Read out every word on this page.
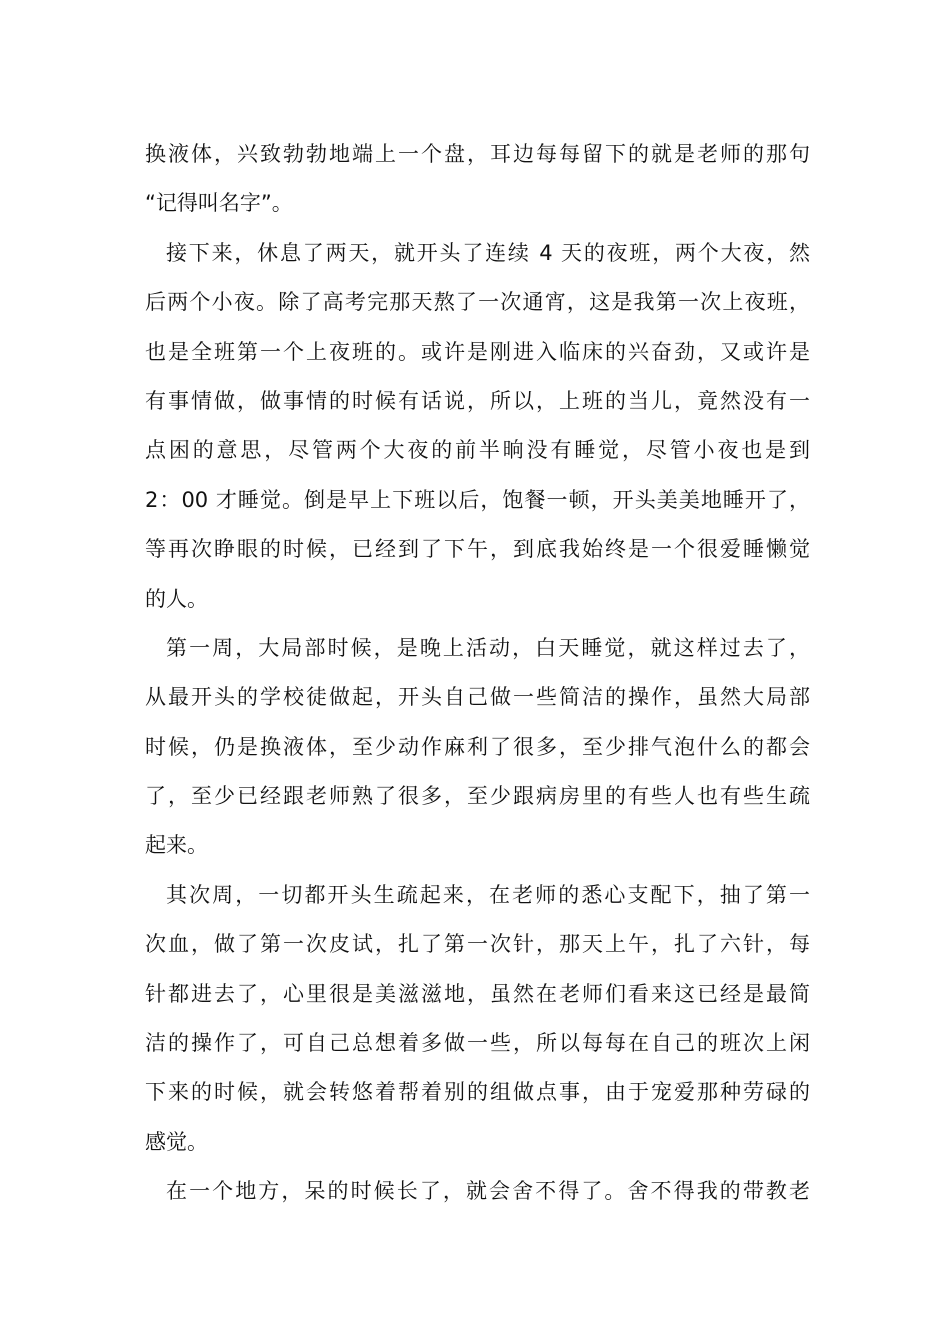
换液体，兴致勃勃地端上一个盘，耳边每每留下的就是老师的那句
“记得叫名字”。
接下来，休息了两天，就开头了连续 4 天的夜班，两个大夜，然
后两个小夜。除了高考完那天熬了一次通宵，这是我第一次上夜班，
也是全班第一个上夜班的。或许是刚进入临床的兴奋劲，又或许是
有事情做，做事情的时候有话说，所以，上班的当儿，竟然没有一
点困的意思，尽管两个大夜的前半晌没有睡觉，尽管小夜也是到
2：00 才睡觉。倒是早上下班以后，饱餐一顿，开头美美地睡开了，
等再次睁眼的时候，已经到了下午，到底我始终是一个很爱睡懒觉
的人。
第一周，大局部时候，是晚上活动，白天睡觉，就这样过去了，
从最开头的学校徒做起，开头自己做一些简洁的操作，虽然大局部
时候，仍是换液体，至少动作麻利了很多，至少排气泡什么的都会
了，至少已经跟老师熟了很多，至少跟病房里的有些人也有些生疏
起来。
其次周，一切都开头生疏起来，在老师的悉心支配下，抽了第一
次血，做了第一次皮试，扎了第一次针，那天上午，扎了六针，每
针都进去了，心里很是美滋滋地，虽然在老师们看来这已经是最简
洁的操作了，可自己总想着多做一些，所以每每在自己的班次上闲
下来的时候，就会转悠着帮着别的组做点事，由于宠爱那种劳碌的
感觉。
在一个地方，呆的时候长了，就会舍不得了。舍不得我的带教老
